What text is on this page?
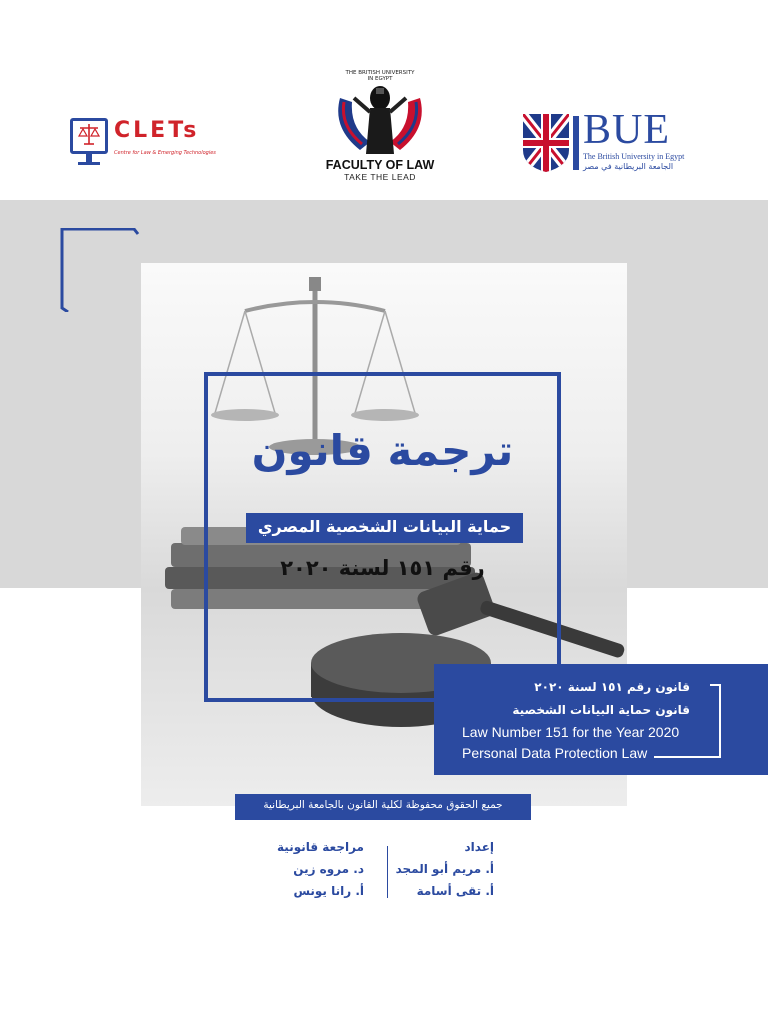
CLETs
Centre for Law & Emerging Technologies
THE BRITISH UNIVERSITY IN EGYPT
FACULTY OF LAW
TAKE THE LEAD
BUE
The British University in Egypt
الجامعة البريطانية في مصر
ترجمة قانون
حماية البيانات الشخصية المصري
رقم ١٥١ لسنة ٢٠٢٠
قانون رقم ١٥١ لسنة ٢٠٢٠
قانون حماية البيانات الشخصية
Law Number 151 for the Year 2020
Personal Data Protection Law
جميع الحقوق محفوظة لكلية القانون بالجامعة البريطانية
مراجعة قانونية
د. مروه زين
أ. رانا يونس
إعداد
أ. مريم أبو المجد
أ. تقى أسامة
